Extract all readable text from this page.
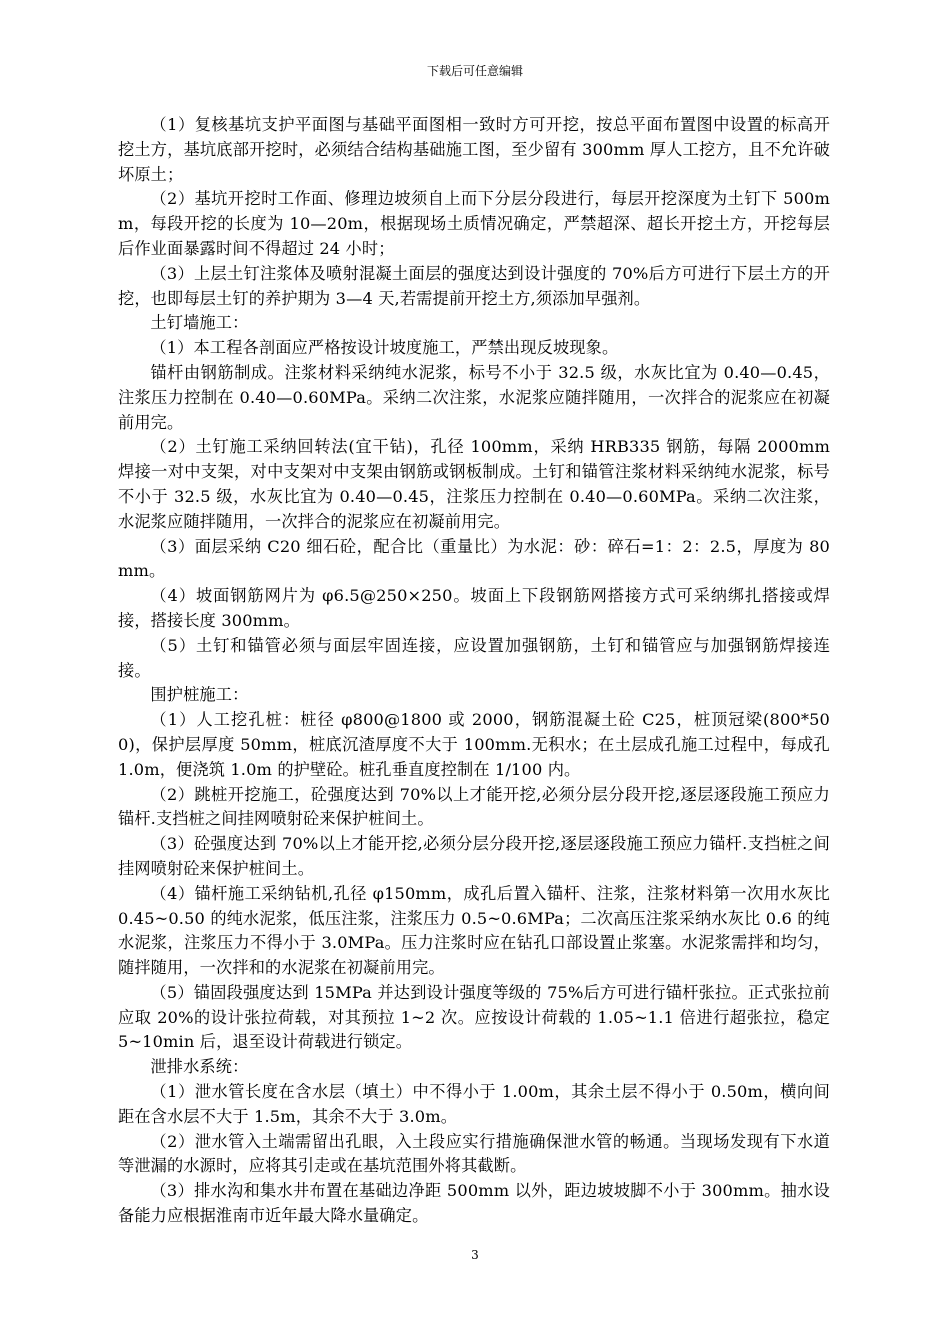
下载后可任意编辑

（1）复核基坑支护平面图与基础平面图相一致时方可开挖，按总平面布置图中设置的标高开挖土方，基坑底部开挖时，必须结合结构基础施工图，至少留有 300mm 厚人工挖方，且不允许破坏原土；

（2）基坑开挖时工作面、修理边坡须自上而下分层分段进行，每层开挖深度为土钉下 500mm，每段开挖的长度为 10—20m，根据现场土质情况确定，严禁超深、超长开挖土方，开挖每层后作业面暴露时间不得超过 24 小时；

（3）上层土钉注浆体及喷射混凝土面层的强度达到设计强度的 70%后方可进行下层土方的开挖，也即每层土钉的养护期为 3—4 天,若需提前开挖土方,须添加早强剂。

土钉墙施工：

（1）本工程各剖面应严格按设计坡度施工，严禁出现反坡现象。

锚杆由钢筋制成。注浆材料采纳纯水泥浆，标号不小于 32.5 级，水灰比宜为 0.40—0.45，注浆压力控制在 0.40—0.60MPa。采纳二次注浆，水泥浆应随拌随用，一次拌合的泥浆应在初凝前用完。

（2）土钉施工采纳回转法(宜干钻)，孔径 100mm，采纳 HRB335 钢筋，每隔 2000mm 焊接一对中支架，对中支架对中支架由钢筋或钢板制成。土钉和锚管注浆材料采纳纯水泥浆，标号不小于 32.5 级，水灰比宜为 0.40—0.45，注浆压力控制在 0.40—0.60MPa。采纳二次注浆，水泥浆应随拌随用，一次拌合的泥浆应在初凝前用完。

（3）面层采纳 C20 细石砼，配合比（重量比）为水泥：砂：碎石=1：2：2.5，厚度为 80mm。

（4）坡面钢筋网片为 φ6.5@250×250。坡面上下段钢筋网搭接方式可采纳绑扎搭接或焊接，搭接长度 300mm。

（5）土钉和锚管必须与面层牢固连接，应设置加强钢筋，土钉和锚管应与加强钢筋焊接连接。

围护桩施工：

（1）人工挖孔桩：桩径 φ800@1800 或 2000，钢筋混凝土砼 C25，桩顶冠梁(800*500)，保护层厚度 50mm，桩底沉渣厚度不大于 100mm.无积水；在土层成孔施工过程中，每成孔 1.0m，便浇筑 1.0m 的护壁砼。桩孔垂直度控制在 1/100 内。

（2）跳桩开挖施工，砼强度达到 70%以上才能开挖,必须分层分段开挖,逐层逐段施工预应力锚杆.支挡桩之间挂网喷射砼来保护桩间土。

（3）砼强度达到 70%以上才能开挖,必须分层分段开挖,逐层逐段施工预应力锚杆.支挡桩之间挂网喷射砼来保护桩间土。

（4）锚杆施工采纳钻机,孔径 φ150mm，成孔后置入锚杆、注浆，注浆材料第一次用水灰比 0.45~0.50 的纯水泥浆，低压注浆，注浆压力 0.5~0.6MPa；二次高压注浆采纳水灰比 0.6 的纯水泥浆，注浆压力不得小于 3.0MPa。压力注浆时应在钻孔口部设置止浆塞。水泥浆需拌和均匀，随拌随用，一次拌和的水泥浆在初凝前用完。

（5）锚固段强度达到 15MPa 并达到设计强度等级的 75%后方可进行锚杆张拉。正式张拉前应取 20%的设计张拉荷载，对其预拉 1~2 次。应按设计荷载的 1.05~1.1 倍进行超张拉，稳定 5~10min 后，退至设计荷载进行锁定。

泄排水系统：

（1）泄水管长度在含水层（填土）中不得小于 1.00m，其余土层不得小于 0.50m，横向间距在含水层不大于 1.5m，其余不大于 3.0m。

（2）泄水管入土端需留出孔眼，入土段应实行措施确保泄水管的畅通。当现场发现有下水道等泄漏的水源时，应将其引走或在基坑范围外将其截断。

（3）排水沟和集水井布置在基础边净距 500mm 以外，距边坡坡脚不小于 300mm。抽水设备能力应根据淮南市近年最大降水量确定。

3
